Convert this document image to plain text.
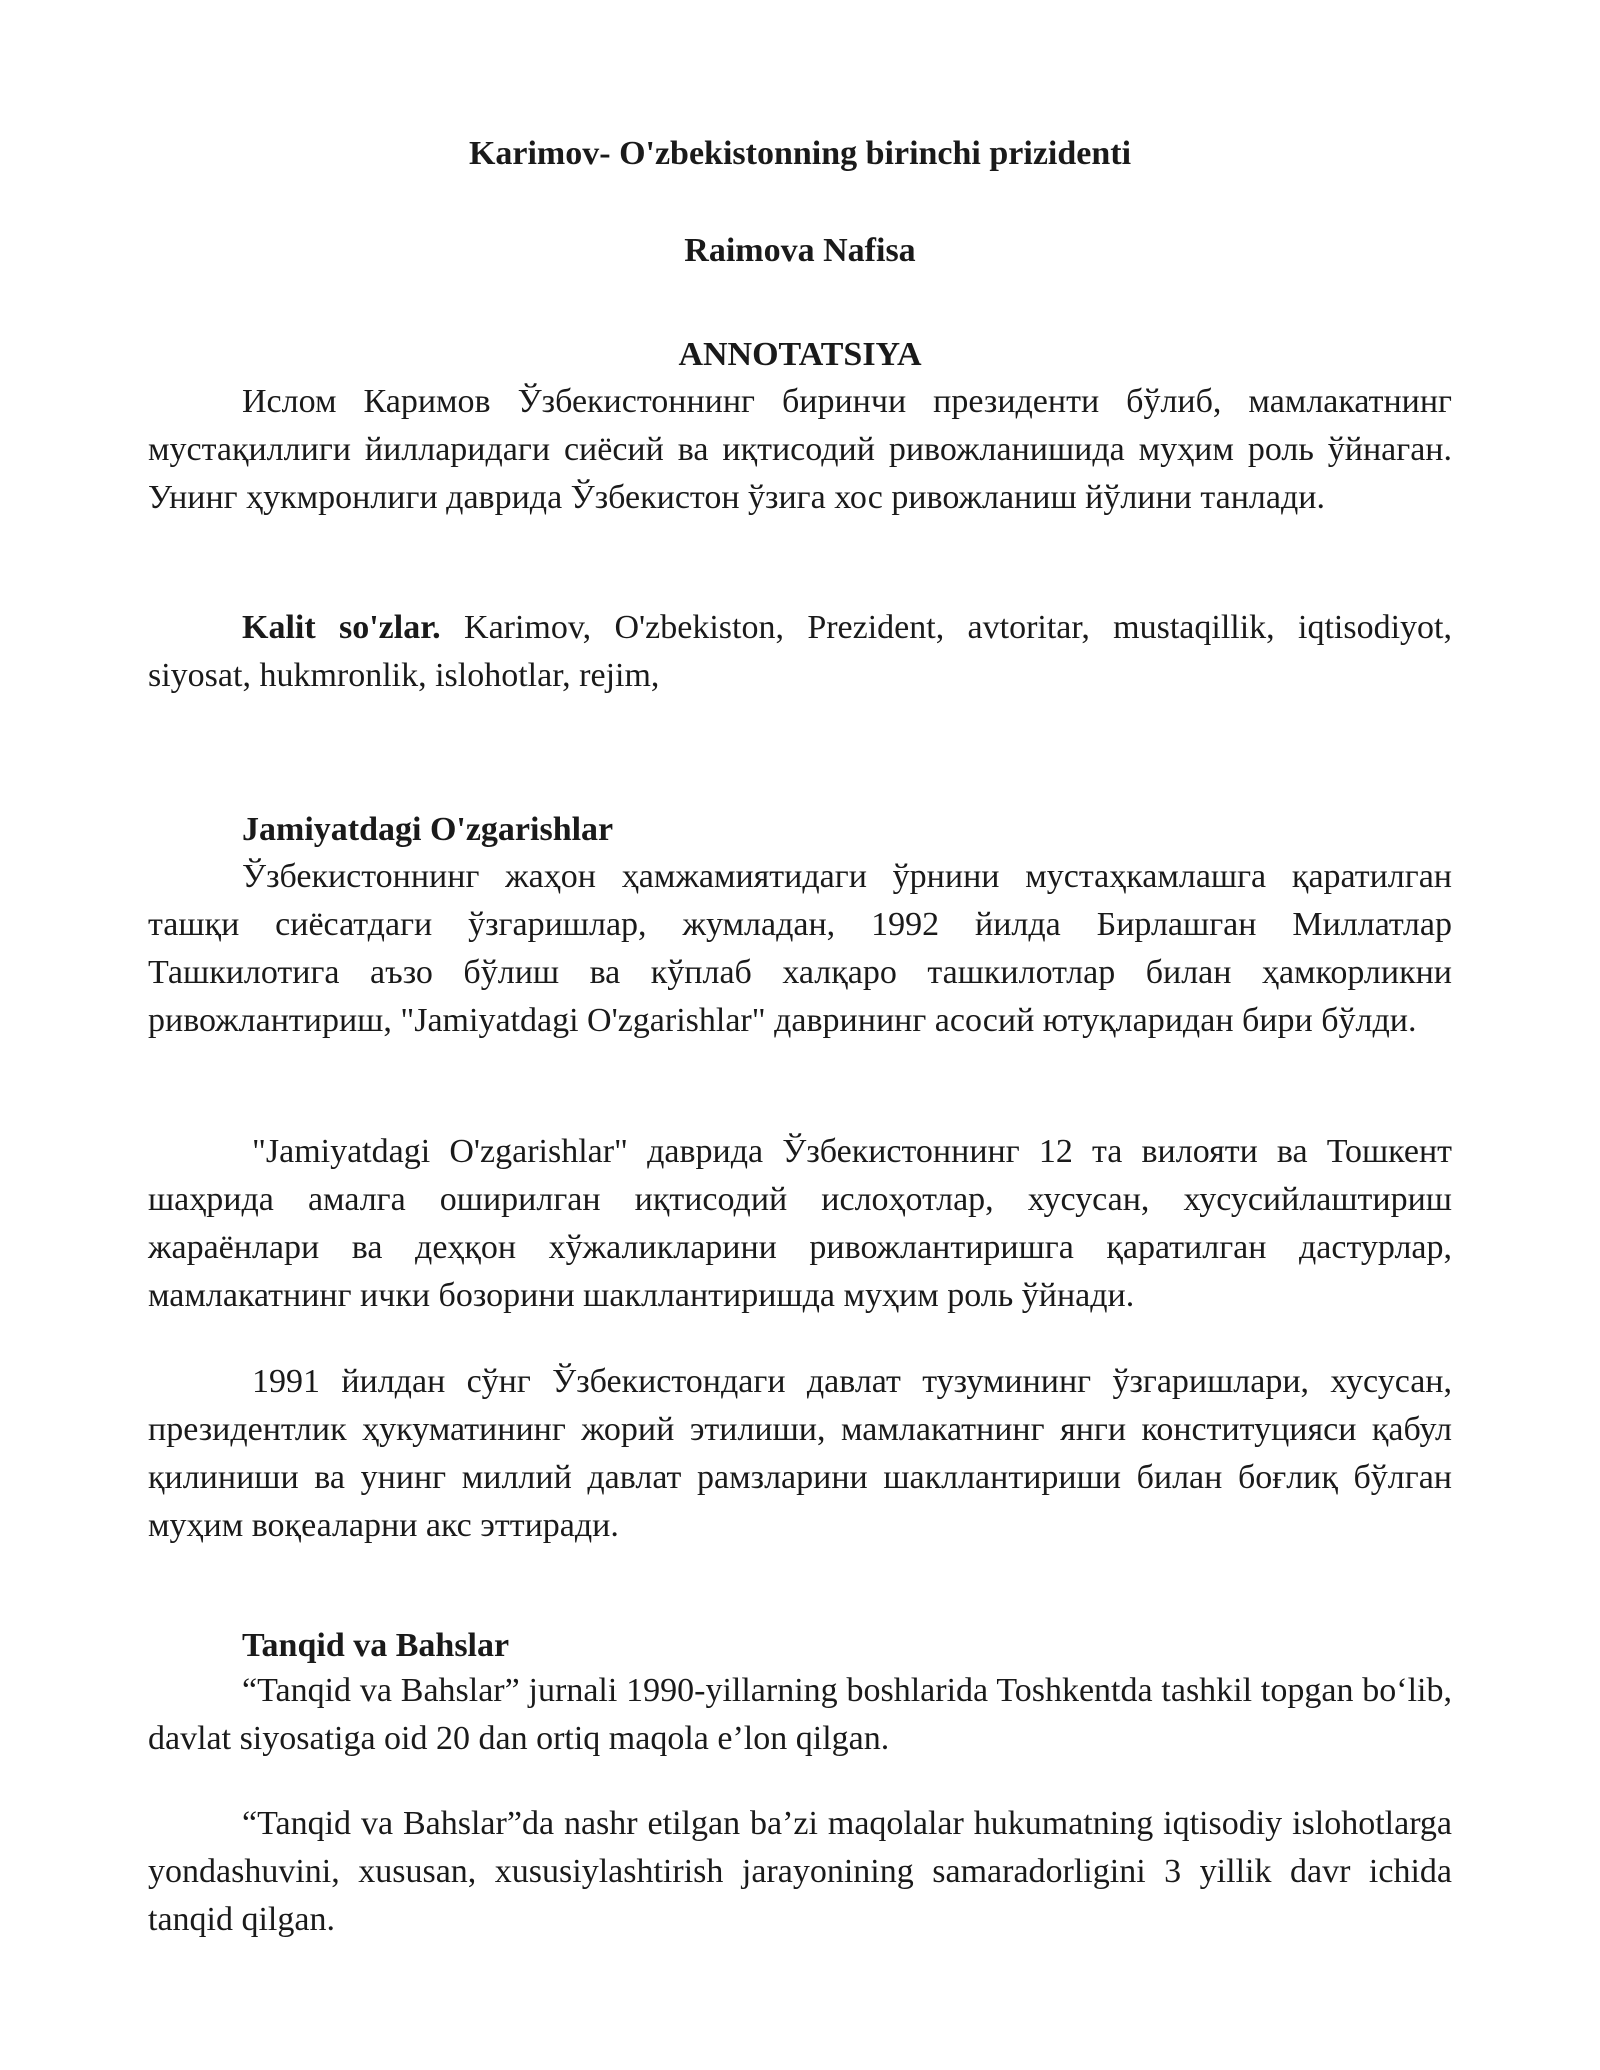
Karimov- O'zbekistonning birinchi prizidenti
Raimova Nafisa
ANNOTATSIYA
Ислом Каримов Ўзбекистоннинг биринчи президенти бўлиб, мамлакатнинг мустақиллиги йилларидаги сиёсий ва иқтисодий ривожланишида муҳим роль ўйнаган. Унинг ҳукмронлиги даврида Ўзбекистон ўзига хос ривожланиш йўлини танлади.
Kalit so'zlar. Karimov, O'zbekiston, Prezident, avtoritar, mustaqillik, iqtisodiyot, siyosat, hukmronlik, islohotlar, rejim,
Jamiyatdagi O'zgarishlar
Ўзбекистоннинг жаҳон ҳамжамиятидаги ўрнини мустаҳкамлашга қаратилган ташқи сиёсатдаги ўзгаришлар, жумладан, 1992 йилда Бирлашган Миллатлар Ташкилотига аъзо бўлиш ва кўплаб халқаро ташкилотлар билан ҳамкорликни ривожлантириш, "Jamiyatdagi O'zgarishlar" даврининг асосий ютуқларидан бири бўлди.
"Jamiyatdagi O'zgarishlar" даврида Ўзбекистоннинг 12 та вилояти ва Тошкент шаҳрида амалга оширилган иқтисодий ислоҳотлар, хусусан, хусусийлаштириш жараёнлари ва деҳқон хўжаликларини ривожлантиришга қаратилган дастурлар, мамлакатнинг ички бозорини шакллантиришда муҳим роль ўйнади.
1991 йилдан сўнг Ўзбекистондаги давлат тузумининг ўзгаришлари, хусусан, президентлик ҳукуматининг жорий этилиши, мамлакатнинг янги конституцияси қабул қилиниши ва унинг миллий давлат рамзларини шакллантириши билан боғлиқ бўлган муҳим воқеаларни акс эттиради.
Tanqid va Bahslar
“Tanqid va Bahslar” jurnali 1990-yillarning boshlarida Toshkentda tashkil topgan bo‘lib, davlat siyosatiga oid 20 dan ortiq maqola e’lon qilgan.
“Tanqid va Bahslar”da nashr etilgan ba’zi maqolalar hukumatning iqtisodiy islohotlarga yondashuvini, xususan, xususiylashtirish jarayonining samaradorligini 3 yillik davr ichida tanqid qilgan.
